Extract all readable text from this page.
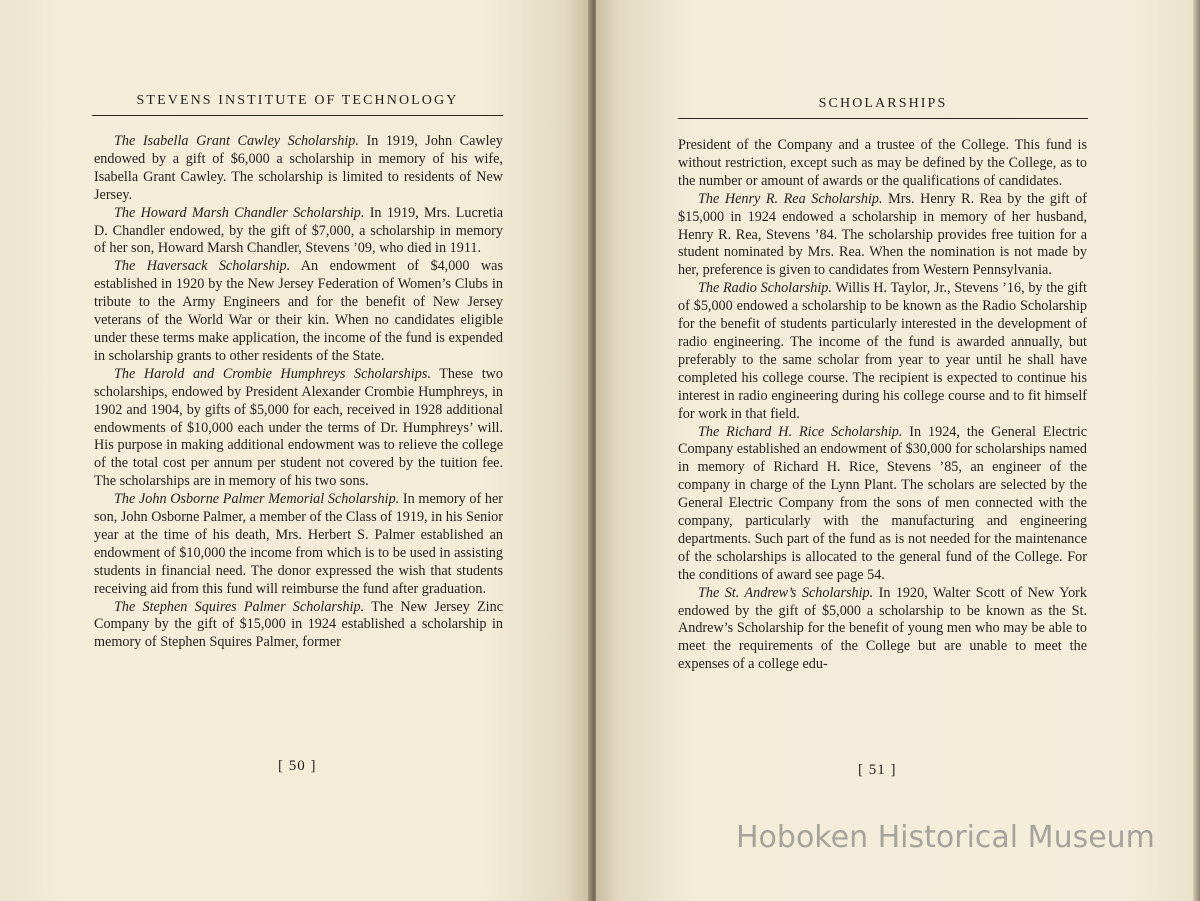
STEVENS INSTITUTE OF TECHNOLOGY

The Isabella Grant Cawley Scholarship. In 1919, John Cawley endowed by a gift of $6,000 a scholarship in memory of his wife, Isabella Grant Cawley. The scholarship is limited to residents of New Jersey.

The Howard Marsh Chandler Scholarship. In 1919, Mrs. Lucretia D. Chandler endowed, by the gift of $7,000, a scholarship in memory of her son, Howard Marsh Chandler, Stevens ’09, who died in 1911.

The Haversack Scholarship. An endowment of $4,000 was established in 1920 by the New Jersey Federation of Women’s Clubs in tribute to the Army Engineers and for the benefit of New Jersey veterans of the World War or their kin. When no candidates eligible under these terms make application, the income of the fund is expended in scholarship grants to other residents of the State.

The Harold and Crombie Humphreys Scholarships. These two scholarships, endowed by President Alexander Crombie Humphreys, in 1902 and 1904, by gifts of $5,000 for each, received in 1928 additional endowments of $10,000 each under the terms of Dr. Humphreys’ will. His purpose in making additional endowment was to relieve the college of the total cost per annum per student not covered by the tuition fee. The scholarships are in memory of his two sons.

The John Osborne Palmer Memorial Scholarship. In memory of her son, John Osborne Palmer, a member of the Class of 1919, in his Senior year at the time of his death, Mrs. Herbert S. Palmer established an endowment of $10,000 the income from which is to be used in assisting students in financial need. The donor expressed the wish that students receiving aid from this fund will reimburse the fund after graduation.

The Stephen Squires Palmer Scholarship. The New Jersey Zinc Company by the gift of $15,000 in 1924 established a scholarship in memory of Stephen Squires Palmer, former

[ 50 ]
SCHOLARSHIPS

President of the Company and a trustee of the College. This fund is without restriction, except such as may be defined by the College, as to the number or amount of awards or the qualifications of candidates.

The Henry R. Rea Scholarship. Mrs. Henry R. Rea by the gift of $15,000 in 1924 endowed a scholarship in memory of her husband, Henry R. Rea, Stevens ’84. The scholarship provides free tuition for a student nominated by Mrs. Rea. When the nomination is not made by her, preference is given to candidates from Western Pennsylvania.

The Radio Scholarship. Willis H. Taylor, Jr., Stevens ’16, by the gift of $5,000 endowed a scholarship to be known as the Radio Scholarship for the benefit of students particularly interested in the development of radio engineering. The income of the fund is awarded annually, but preferably to the same scholar from year to year until he shall have completed his college course. The recipient is expected to continue his interest in radio engineering during his college course and to fit himself for work in that field.

The Richard H. Rice Scholarship. In 1924, the General Electric Company established an endowment of $30,000 for scholarships named in memory of Richard H. Rice, Stevens ’85, an engineer of the company in charge of the Lynn Plant. The scholars are selected by the General Electric Company from the sons of men connected with the company, particularly with the manufacturing and engineering departments. Such part of the fund as is not needed for the maintenance of the scholarships is allocated to the general fund of the College. For the conditions of award see page 54.

The St. Andrew’s Scholarship. In 1920, Walter Scott of New York endowed by the gift of $5,000 a scholarship to be known as the St. Andrew’s Scholarship for the benefit of young men who may be able to meet the requirements of the College but are unable to meet the expenses of a college edu-

[ 51 ]
Hoboken Historical Museum
